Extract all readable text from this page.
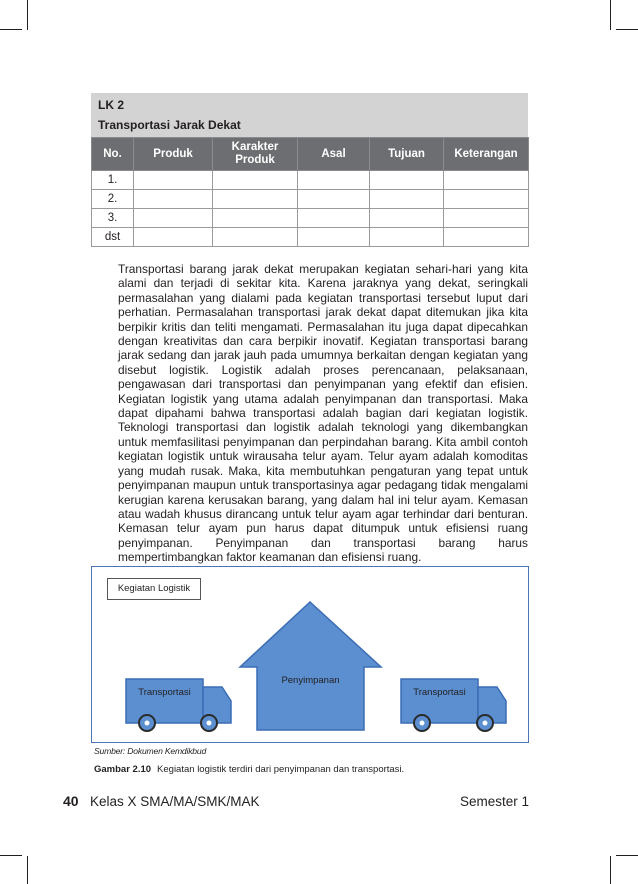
LK 2
Transportasi Jarak Dekat
No.	Produk	Karakter Produk	Asal	Tujuan	Keterangan
1.					
2.					
3.					
dst					

Transportasi barang jarak dekat merupakan kegiatan sehari-hari yang kita alami dan terjadi di sekitar kita. Karena jaraknya yang dekat, seringkali permasalahan yang dialami pada kegiatan transportasi tersebut luput dari perhatian. Permasalahan transportasi jarak dekat dapat ditemukan jika kita berpikir kritis dan teliti mengamati. Permasalahan itu juga dapat dipecahkan dengan kreativitas dan cara berpikir inovatif. Kegiatan transportasi barang jarak sedang dan jarak jauh pada umumnya berkaitan dengan kegiatan yang disebut logistik. Logistik adalah proses perencanaan, pelaksanaan, pengawasan dari transportasi dan penyimpanan yang efektif dan efisien. Kegiatan logistik yang utama adalah penyimpanan dan transportasi. Maka dapat dipahami bahwa transportasi adalah bagian dari kegiatan logistik. Teknologi transportasi dan logistik adalah teknologi yang dikembangkan untuk memfasilitasi penyimpanan dan perpindahan barang. Kita ambil contoh kegiatan logistik untuk wirausaha telur ayam. Telur ayam adalah komoditas yang mudah rusak. Maka, kita membutuhkan pengaturan yang tepat untuk penyimpanan maupun untuk transportasinya agar pedagang tidak mengalami kerugian karena kerusakan barang, yang dalam hal ini telur ayam. Kemasan atau wadah khusus dirancang untuk telur ayam agar terhindar dari benturan. Kemasan telur ayam pun harus dapat ditumpuk untuk efisiensi ruang penyimpanan. Penyimpanan dan transportasi barang harus mempertimbangkan faktor keamanan dan efisiensi ruang.

Kegiatan Logistik
Transportasi
Penyimpanan
Transportasi
Sumber: Dokumen Kemdikbud
Gambar 2.10 Kegiatan logistik terdiri dari penyimpanan dan transportasi.
40 Kelas X SMA/MA/SMK/MAK	Semester 1
